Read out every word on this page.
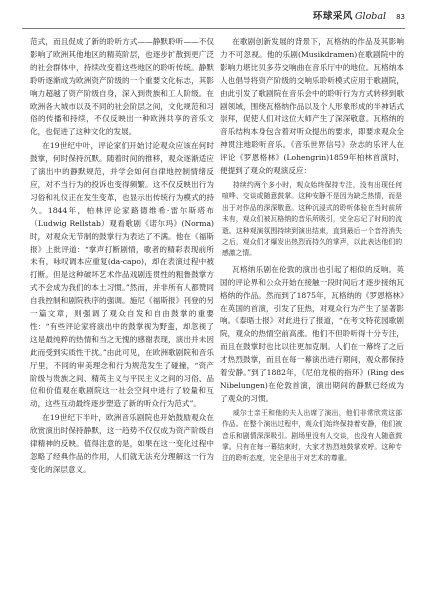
环球采风 Global 83

范式，而且促成了新的聆听方式——静默聆听——不仅影响了欧洲其他地区的精英阶层，也逐步扩散到更广泛的社会群体中，持续改变着这些地区的聆听传统。静默聆听逐渐成为欧洲资产阶级的一个重要文化标志，其影响力超越了资产阶级自身，深入到贵族和工人阶级。在欧洲各大城市以及不同的社会阶层之间，文化规范和习俗的传播和持续，不仅反映出一种欧洲共享的音乐文化，也促进了这种文化的发展。

在19世纪中叶，评论家们开始讨论观众应该在何时鼓掌，何时保持沉默。随着时间的推移，观众逐渐适应了演出中的静默规范，并学会如何自律地控制情绪反应，对不当行为的投诉也变得频繁。这不仅反映出行为习俗和礼仪正在发生变革，也显示出传统行为模式的持久。1844年，柏林评论家路德维希·雷尔斯塔布（Ludwig Rellstab）观看歌剧《诺尔玛》(Norma)时，对观众无节制的鼓掌行为表达了不满。他在《福斯报》上批评道：“掌声打断剧情，歌者的精彩表现前所未有，咏叹调本应重复(da-capo)，却在表演过程中被打断。但是这种破坏艺术作品戏剧连贯性的粗鲁鼓掌方式不会成为我们的本土习惯。”然而，并非所有人都赞同自我控制和剧院秩序的强调。施尼《福斯报》刊登的另一篇文章，则强调了观众自发和自由鼓掌的重要性：“有些评论家将演出中的鼓掌视为野蛮，却忽视了这是最纯粹的热情和当之无愧的感谢表现，演出并未因此而受到实质性干扰。”由此可见，在欧洲歌剧院和音乐厅里，不同的审美理念和行为规范发生了碰撞，“资产阶级与贵族之间、精英主义与平民主义之间的习俗、品位和价值观在歌剧院这一社会空间中进行了较量和互动，这些互动最终逐步塑造了新的听众行为范式”。

在19世纪下半叶，欧洲音乐剧院也开始鼓励观众在欣赏演出时保持静默，这一趋势不仅仅成为资产阶级自律精神的反映。值得注意的是，如果在这一变化过程中忽略了经典作品的作用，人们就无法充分理解这一行为变化的深层意义。

在歌剧创新发展的背景下，瓦格纳的作品及其影响力不可忽视。他的乐剧(Musikdramen)在歌剧院中的影响力堪比贝多芬交响曲在音乐厅中的地位。瓦格纳本人也倡导将资产阶级的交响乐聆听模式应用于歌剧院，由此引发了歌剧院在音乐会中的聆听行为方式转移到歌剧领域，围绕瓦格纳作品以及个人形象形成的半神话式崇拜，促使人们对这位大师产生了深深敬意。瓦格纳的音乐结构本身包含着对听众提出的要求，即要求观众全神贯注地聆听音乐。《音乐世界信号》杂志的乐评人在评论《罗恩格林》(Lohengrin)1859年柏林首演时，便提到了观众的观演反应：

持续约两个多小时，观众始终保持专注，没有出现任何喧哗、交谈或随意鼓掌。这种安静不是因为缺乏热情，而是出于对作品的深深敬意。这种沉浸式的聆听体验在当时前所未有，观众们被瓦格纳的音乐所吸引，完全忘记了时间的流逝。这种观演氛围持续到演出结束，直到最后一个音符消失之后，观众们才爆发出热烈而持久的掌声，以此表达他们的感激之情。

瓦格纳乐剧在伦敦的演出也引起了相似的反响。英国的评论界和公众开始在接触一段时间后才逐步接纳瓦格纳的作品。然而到了1875年，瓦格纳的《罗恩格林》在英国的首演，引发了狂热，对观众行为产生了显著影响。《泰晤士报》对此进行了报道，“在考文特花园歌剧院，观众的热情空前高涨。他们不但聆听得十分专注，而且在鼓掌时也比以往更加克制。人们在一幕终了之后才热烈鼓掌，而且在每一幕演出进行期间，观众都保持着安静。”到了1882年，《尼伯龙根的指环》(Ring des Nibelungen)在伦敦首演，演出期间的静默已经成为了观众的习惯。

威尔士亲王和他的夫人出席了演出，他们非常欣赏这部作品。在整个演出过程中，观众们始终保持着安静，他们被音乐和剧情深深吸引。剧场里没有人交谈，也没有人随意鼓掌。只有在每一幕结束时，大家才热烈地鼓掌欢呼。这种专注的聆听态度，完全是出于对艺术的尊重。
